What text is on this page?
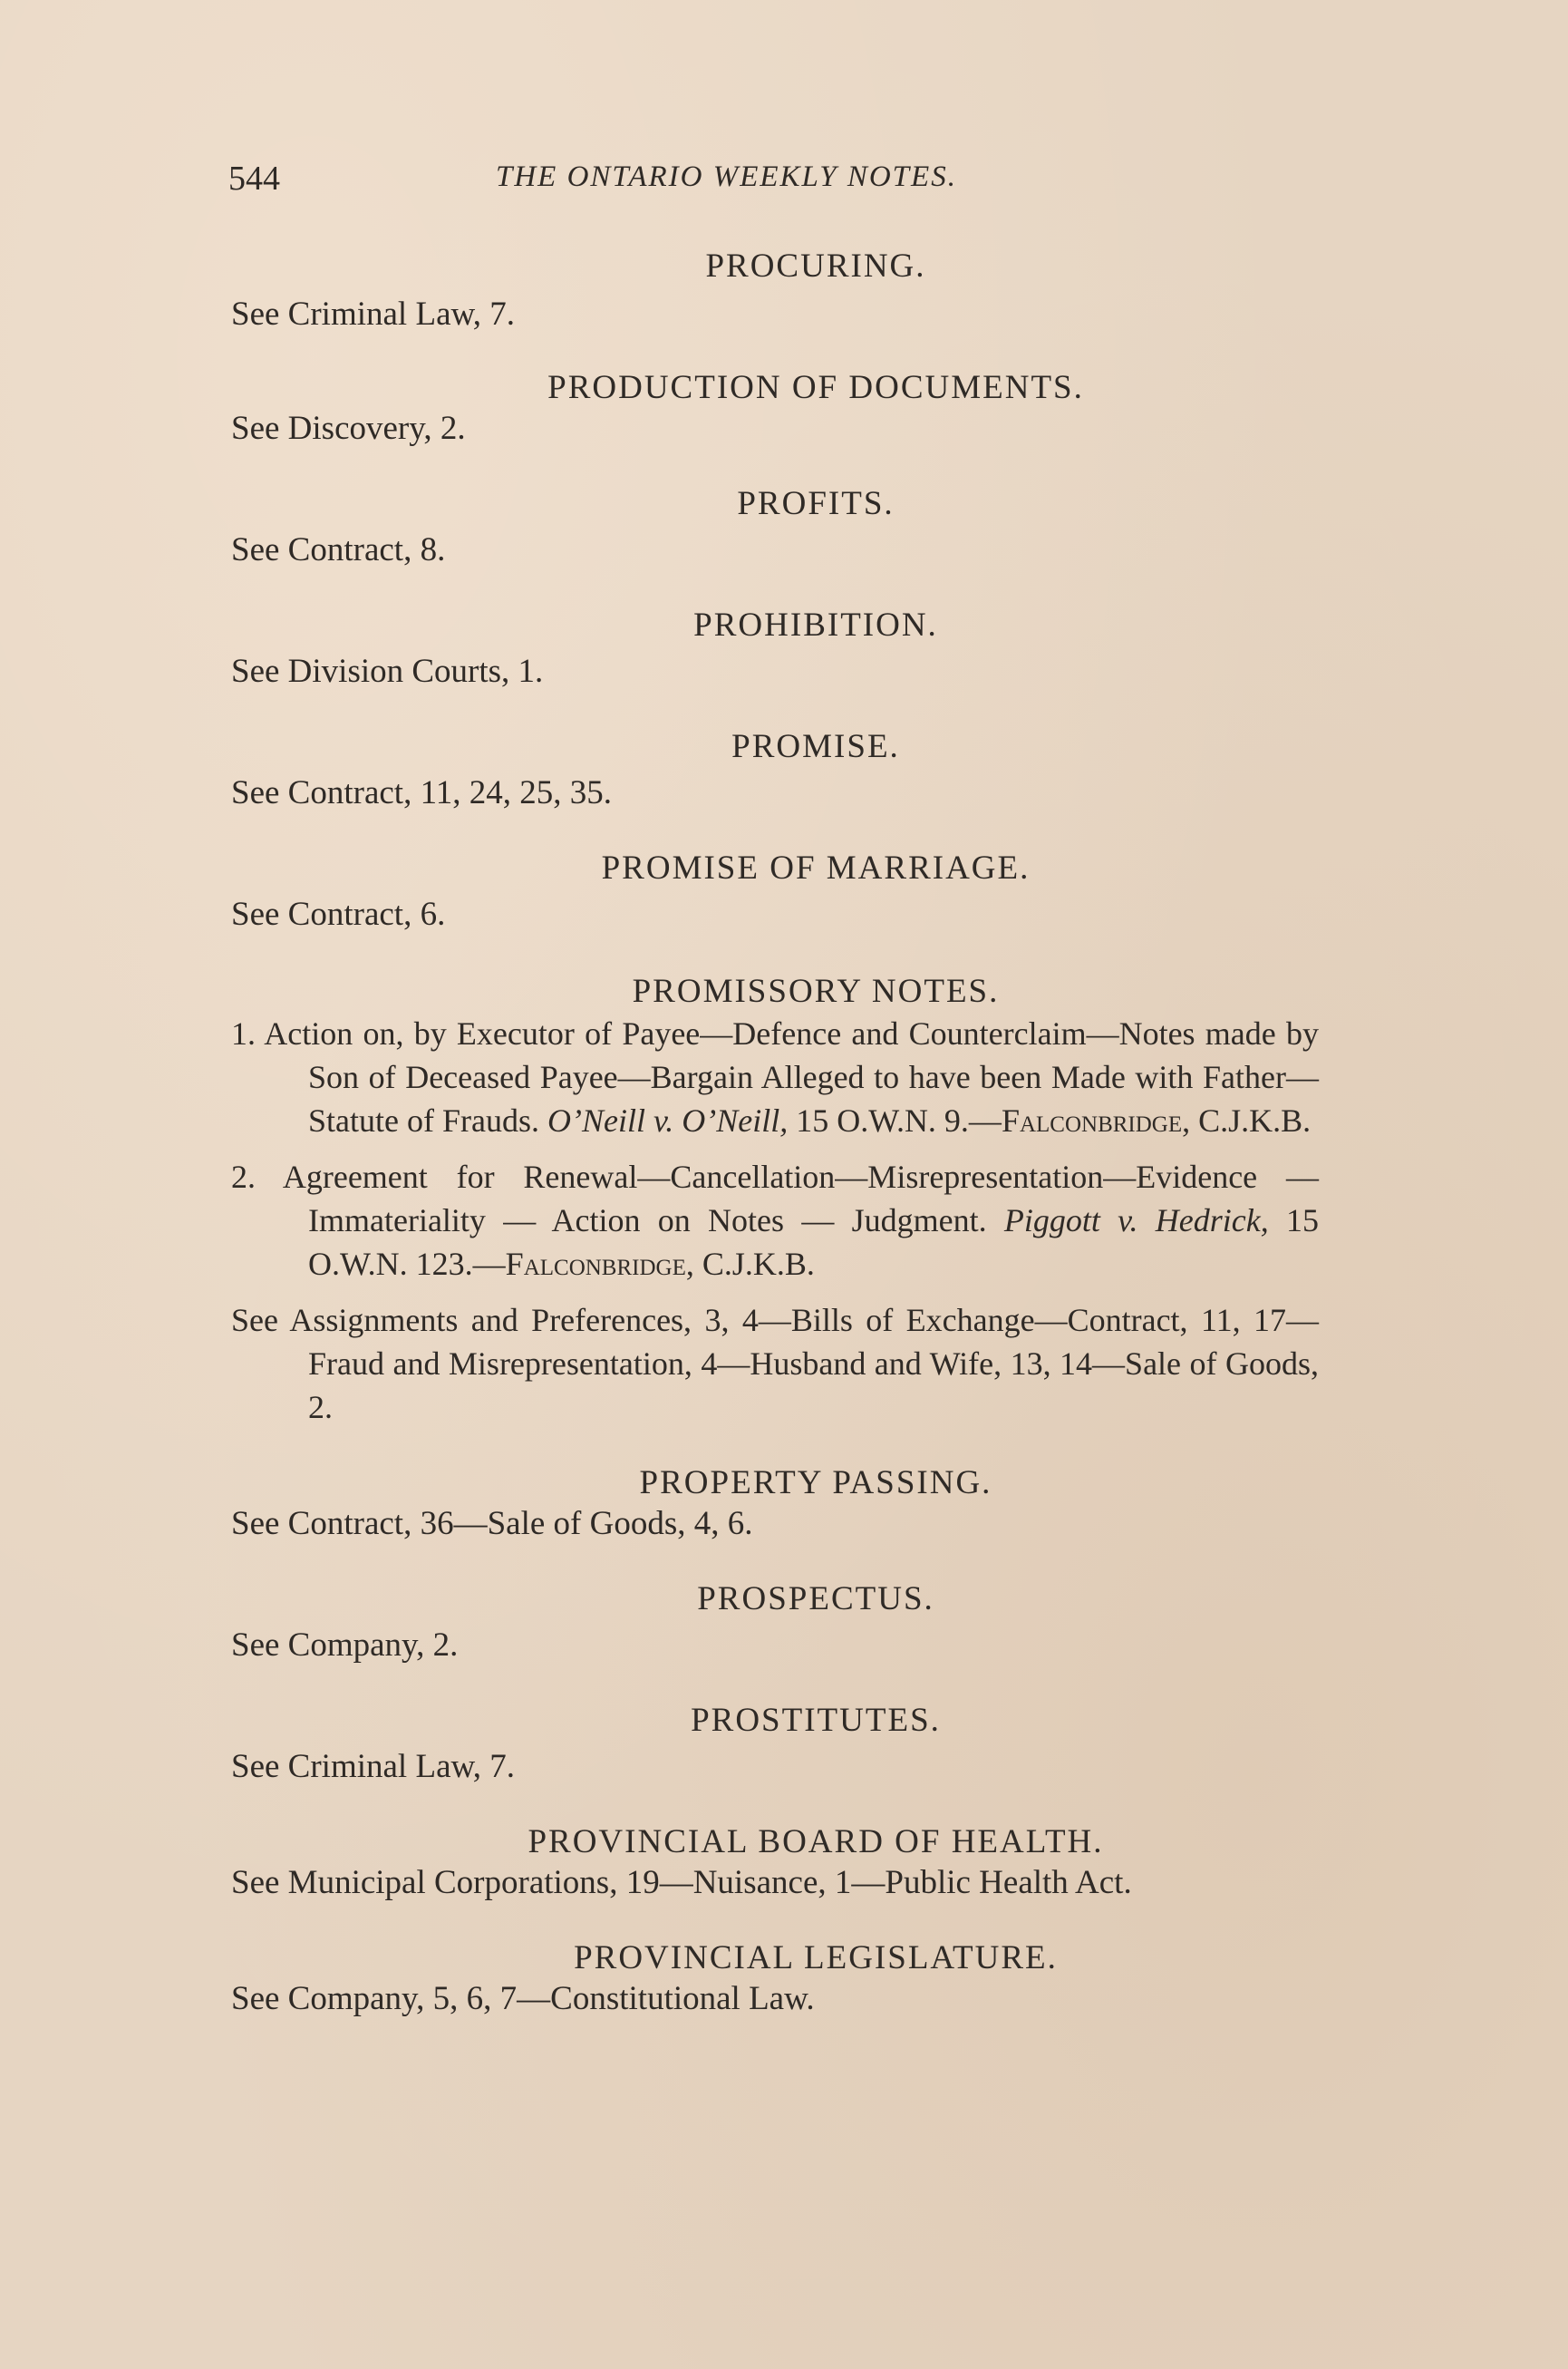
544	THE ONTARIO WEEKLY NOTES.

PROCURING.

See Criminal Law, 7.

PRODUCTION OF DOCUMENTS.

See Discovery, 2.

PROFITS.

See Contract, 8.

PROHIBITION.

See Division Courts, 1.

PROMISE.

See Contract, 11, 24, 25, 35.

PROMISE OF MARRIAGE.

See Contract, 6.

PROMISSORY NOTES.

1. Action on, by Executor of Payee—Defence and Counterclaim—Notes made by Son of Deceased Payee—Bargain Alleged to have been Made with Father—Statute of Frauds. O’Neill v. O’Neill, 15 O.W.N. 9.—Falconbridge, C.J.K.B.

2. Agreement for Renewal—Cancellation—Misrepresentation—Evidence — Immateriality — Action on Notes — Judgment. Piggott v. Hedrick, 15 O.W.N. 123.—Falconbridge, C.J.K.B.

See Assignments and Preferences, 3, 4—Bills of Exchange—Contract, 11, 17—Fraud and Misrepresentation, 4—Husband and Wife, 13, 14—Sale of Goods, 2.

PROPERTY PASSING.

See Contract, 36—Sale of Goods, 4, 6.

PROSPECTUS.

See Company, 2.

PROSTITUTES.

See Criminal Law, 7.

PROVINCIAL BOARD OF HEALTH.

See Municipal Corporations, 19—Nuisance, 1—Public Health Act.

PROVINCIAL LEGISLATURE.

See Company, 5, 6, 7—Constitutional Law.
